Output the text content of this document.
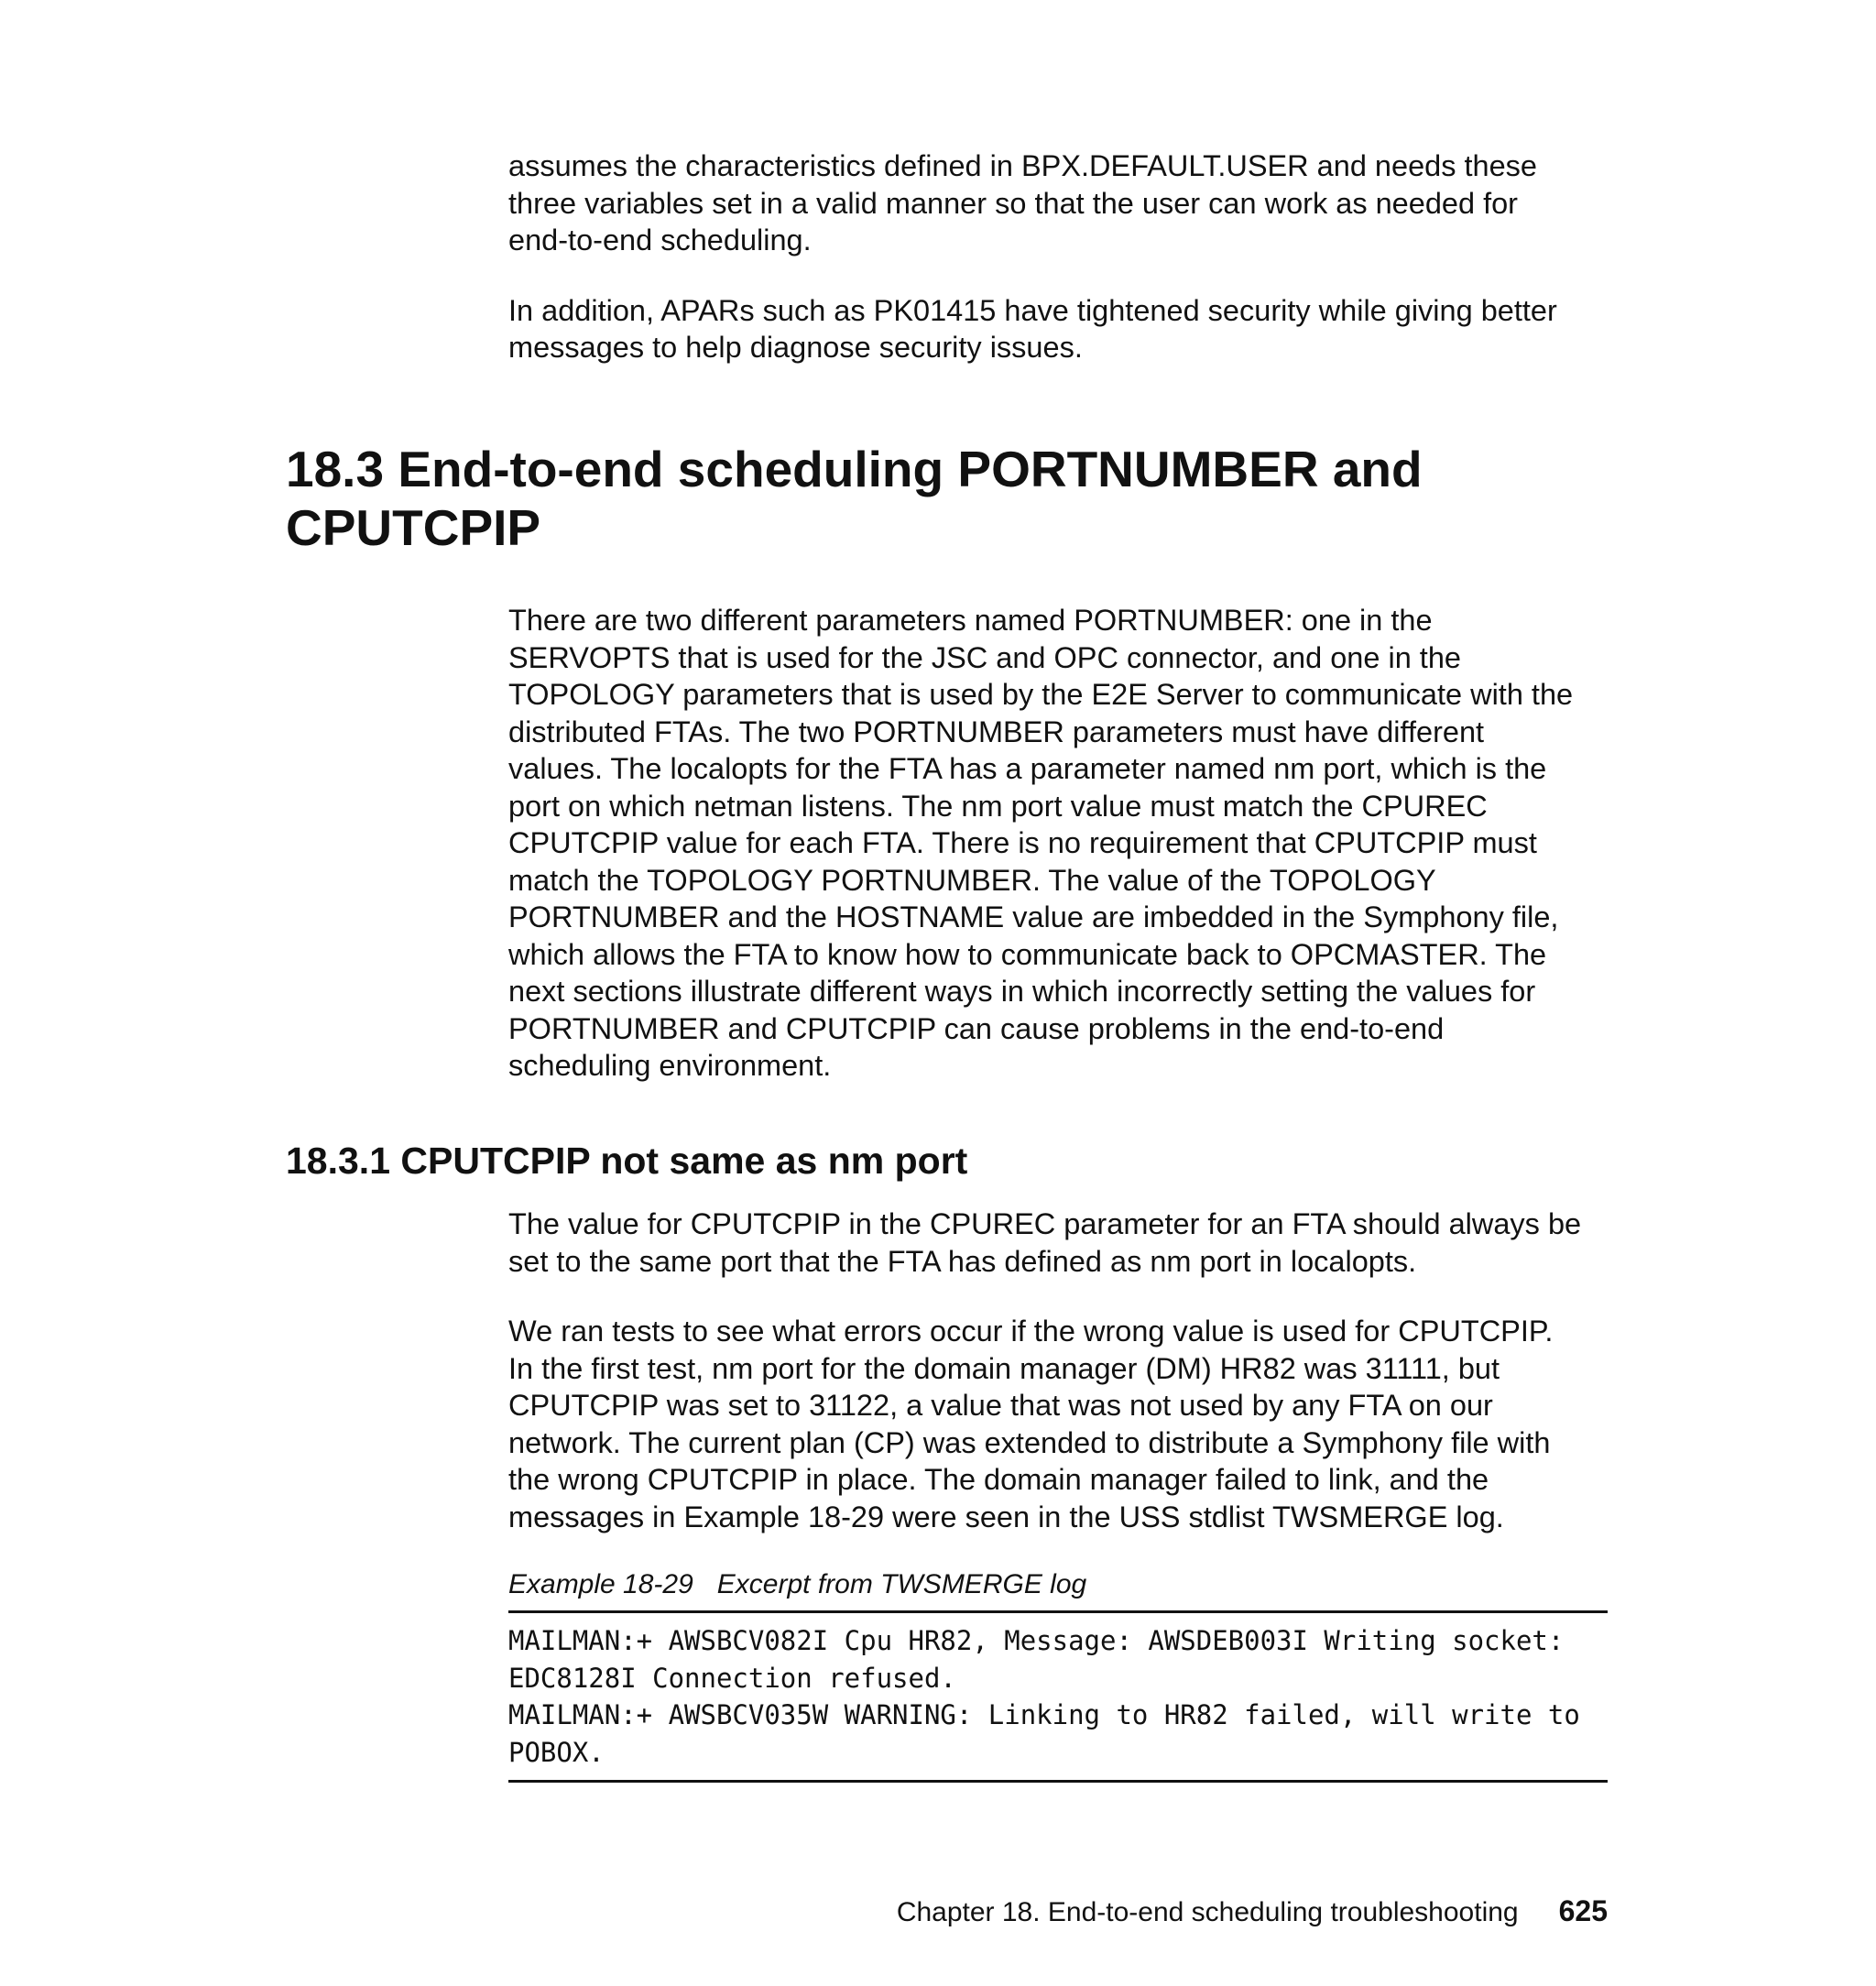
assumes the characteristics defined in BPX.DEFAULT.USER and needs these
three variables set in a valid manner so that the user can work as needed for
end-to-end scheduling.

In addition, APARs such as PK01415 have tightened security while giving better
messages to help diagnose security issues.

18.3 End-to-end scheduling PORTNUMBER and
CPUTCPIP

There are two different parameters named PORTNUMBER: one in the
SERVOPTS that is used for the JSC and OPC connector, and one in the
TOPOLOGY parameters that is used by the E2E Server to communicate with the
distributed FTAs. The two PORTNUMBER parameters must have different
values. The localopts for the FTA has a parameter named nm port, which is the
port on which netman listens. The nm port value must match the CPUREC
CPUTCPIP value for each FTA. There is no requirement that CPUTCPIP must
match the TOPOLOGY PORTNUMBER. The value of the TOPOLOGY
PORTNUMBER and the HOSTNAME value are imbedded in the Symphony file,
which allows the FTA to know how to communicate back to OPCMASTER. The
next sections illustrate different ways in which incorrectly setting the values for
PORTNUMBER and CPUTCPIP can cause problems in the end-to-end
scheduling environment.

18.3.1 CPUTCPIP not same as nm port

The value for CPUTCPIP in the CPUREC parameter for an FTA should always be
set to the same port that the FTA has defined as nm port in localopts.

We ran tests to see what errors occur if the wrong value is used for CPUTCPIP.
In the first test, nm port for the domain manager (DM) HR82 was 31111, but
CPUTCPIP was set to 31122, a value that was not used by any FTA on our
network. The current plan (CP) was extended to distribute a Symphony file with
the wrong CPUTCPIP in place. The domain manager failed to link, and the
messages in Example 18-29 were seen in the USS stdlist TWSMERGE log.

Example 18-29 Excerpt from TWSMERGE log

MAILMAN:+ AWSBCV082I Cpu HR82, Message: AWSDEB003I Writing socket:
EDC8128I Connection refused.
MAILMAN:+ AWSBCV035W WARNING: Linking to HR82 failed, will write to
POBOX.
Chapter 18. End-to-end scheduling troubleshooting 625
